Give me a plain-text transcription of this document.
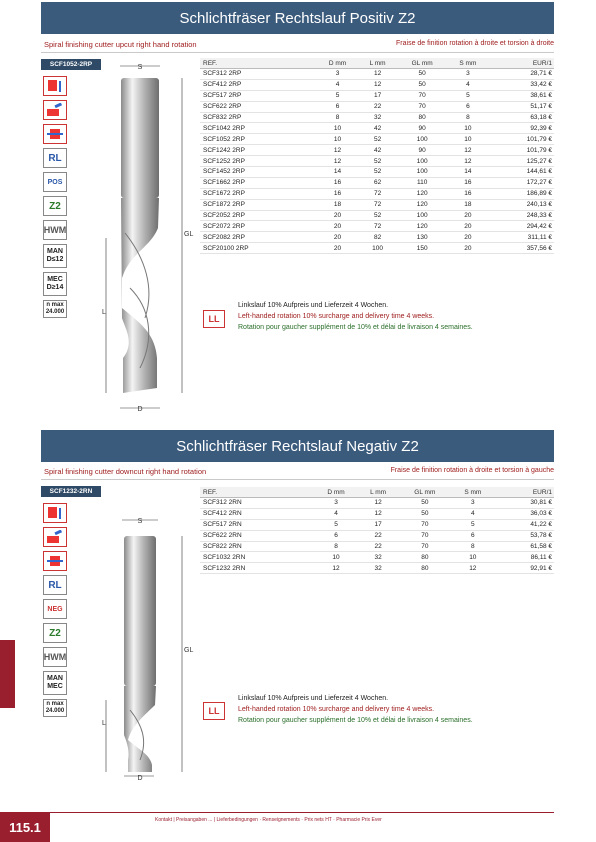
Schlichtfräser Rechtslauf Positiv Z2
Spiral finishing cutter upcut right hand rotation	Fraise de finition rotation à droite et torsion à droite
SCF1052-2RP
RL
POS
Z2
HWM
MAN
D≤12
MEC
D≥14
n max
24.000
S
GL
L
D
REF.	D mm	L mm	GL mm	S mm	EUR/1
SCF312 2RP	3	12	50	3	28,71 €
SCF412 2RP	4	12	50	4	33,42 €
SCF517 2RP	5	17	70	5	38,61 €
SCF622 2RP	6	22	70	6	51,17 €
SCF832 2RP	8	32	80	8	63,18 €
SCF1042 2RP	10	42	90	10	92,39 €
SCF1052 2RP	10	52	100	10	101,79 €
SCF1242 2RP	12	42	90	12	101,79 €
SCF1252 2RP	12	52	100	12	125,27 €
SCF1452 2RP	14	52	100	14	144,61 €
SCF1662 2RP	16	62	110	16	172,27 €
SCF1672 2RP	16	72	120	16	186,89 €
SCF1872 2RP	18	72	120	18	240,13 €
SCF2052 2RP	20	52	100	20	248,33 €
SCF2072 2RP	20	72	120	20	294,42 €
SCF2082 2RP	20	82	130	20	311,11 €
SCF20100 2RP	20	100	150	20	357,56 €
LL
Linkslauf 10% Aufpreis und Lieferzeit 4 Wochen.
Left-handed rotation 10% surcharge and delivery time 4 weeks.
Rotation pour gaucher supplément de 10% et délai de livraison 4 semaines.
Schlichtfräser Rechtslauf Negativ Z2
Spiral finishing cutter downcut right hand rotation	Fraise de finition rotation à droite et torsion à gauche
SCF1232-2RN
RL
NEG
Z2
HWM
MAN
MEC
n max
24.000
S
GL
L
D
REF.	D mm	L mm	GL mm	S mm	EUR/1
SCF312 2RN	3	12	50	3	30,81 €
SCF412 2RN	4	12	50	4	36,03 €
SCF517 2RN	5	17	70	5	41,22 €
SCF622 2RN	6	22	70	6	53,78 €
SCF822 2RN	8	22	70	8	61,58 €
SCF1032 2RN	10	32	80	10	86,11 €
SCF1232 2RN	12	32	80	12	92,91 €
LL
Linkslauf 10% Aufpreis und Lieferzeit 4 Wochen.
Left-handed rotation 10% surcharge and delivery time 4 weeks.
Rotation pour gaucher supplément de 10% et délai de livraison 4 semaines.
115.1	Kontakt | Preisangaben ... | Lieferbedingungen · Renseignements · Prix nets HT · Pharmacie Prix Ever
